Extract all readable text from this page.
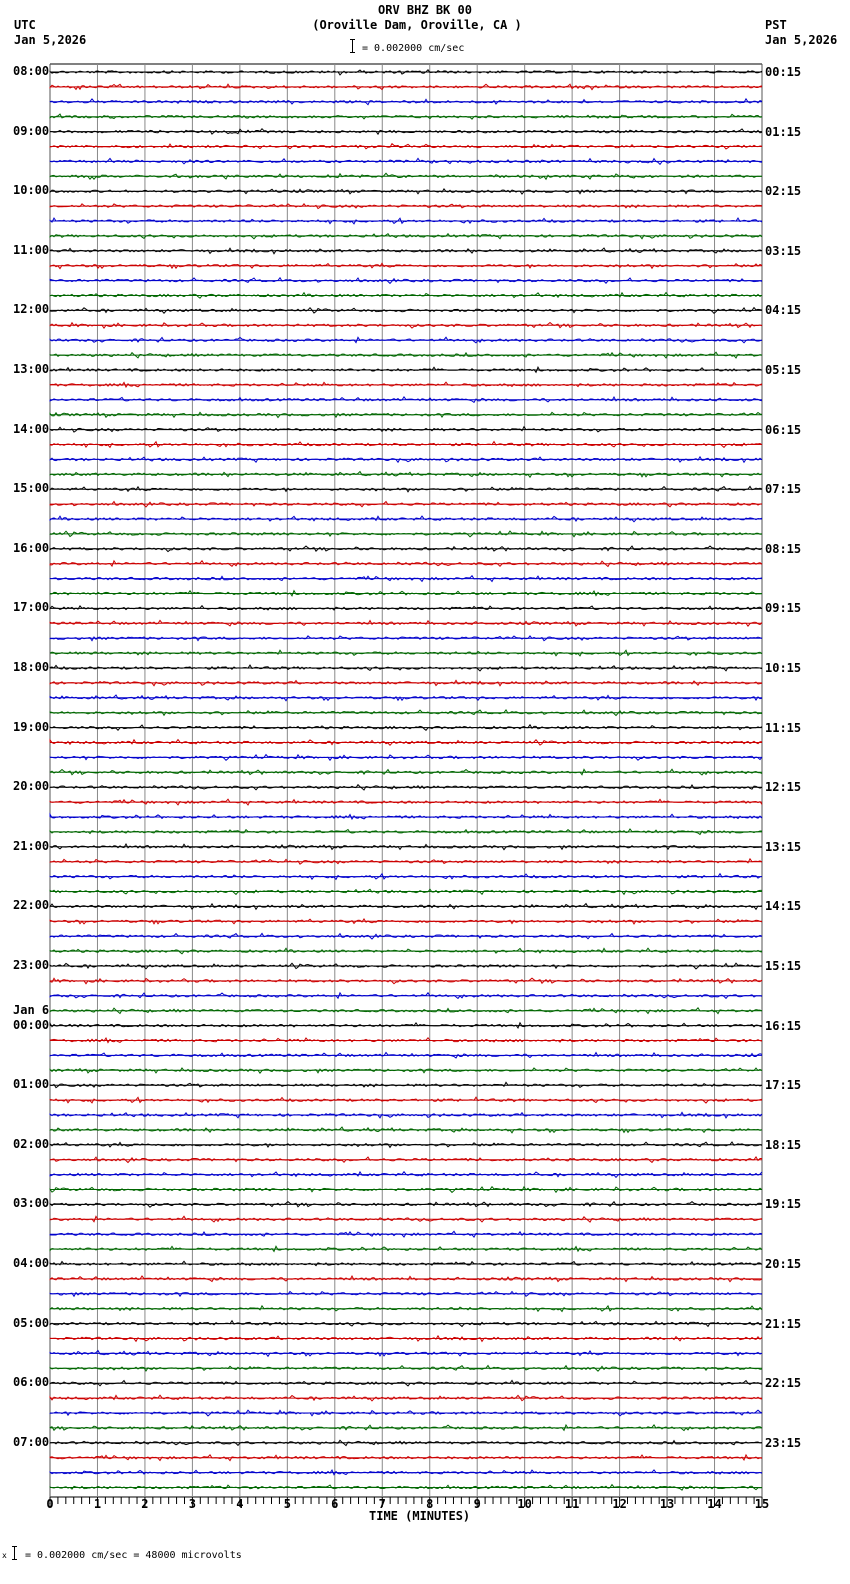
UTC
Jan 5,2026
ORV BHZ BK 00
(Oroville Dam, Oroville, CA )	PST
Jan 5,2026
= 0.002000 cm/sec
0	1	2	3	4	5	6	7	8	9	10	11	12	13	14	15
08:00
09:00
10:00
11:00
12:00
13:00
14:00
15:00
16:00
17:00
18:00
19:00
20:00
21:00
22:00
23:00
00:00
Jan 6
01:00
02:00
03:00
04:00
05:00
06:00
07:00
00:15
01:15
02:15
03:15
04:15
05:15
06:15
07:15
08:15
09:15
10:15
11:15
12:15
13:15
14:15
15:15
16:15
17:15
18:15
19:15
20:15
21:15
22:15
23:15
TIME (MINUTES)
x = 0.002000 cm/sec = 48000 microvolts
